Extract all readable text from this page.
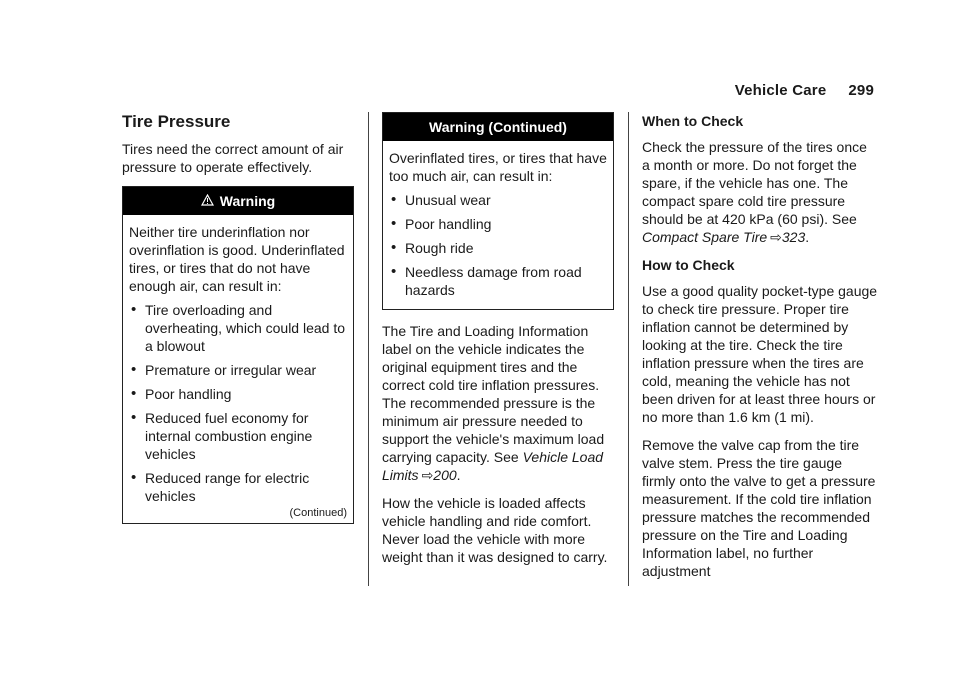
Vehicle Care 299
Tire Pressure

Tires need the correct amount of air pressure to operate effectively.

Warning

Neither tire underinflation nor overinflation is good. Underinflated tires, or tires that do not have enough air, can result in:

• Tire overloading and overheating, which could lead to a blowout
• Premature or irregular wear
• Poor handling
• Reduced fuel economy for internal combustion engine vehicles
• Reduced range for electric vehicles
(Continued)
Warning (Continued)

Overinflated tires, or tires that have too much air, can result in:

• Unusual wear
• Poor handling
• Rough ride
• Needless damage from road hazards

The Tire and Loading Information label on the vehicle indicates the original equipment tires and the correct cold tire inflation pressures. The recommended pressure is the minimum air pressure needed to support the vehicle's maximum load carrying capacity. See Vehicle Load Limits ⇨200.

How the vehicle is loaded affects vehicle handling and ride comfort. Never load the vehicle with more weight than it was designed to carry.

When to Check

Check the pressure of the tires once a month or more. Do not forget the spare, if the vehicle has one. The compact spare cold tire pressure should be at 420 kPa (60 psi). See Compact Spare Tire ⇨323.

How to Check

Use a good quality pocket-type gauge to check tire pressure. Proper tire inflation cannot be determined by looking at the tire. Check the tire inflation pressure when the tires are cold, meaning the vehicle has not been driven for at least three hours or no more than 1.6 km (1 mi).

Remove the valve cap from the tire valve stem. Press the tire gauge firmly onto the valve to get a pressure measurement. If the cold tire inflation pressure matches the recommended pressure on the Tire and Loading Information label, no further adjustment
